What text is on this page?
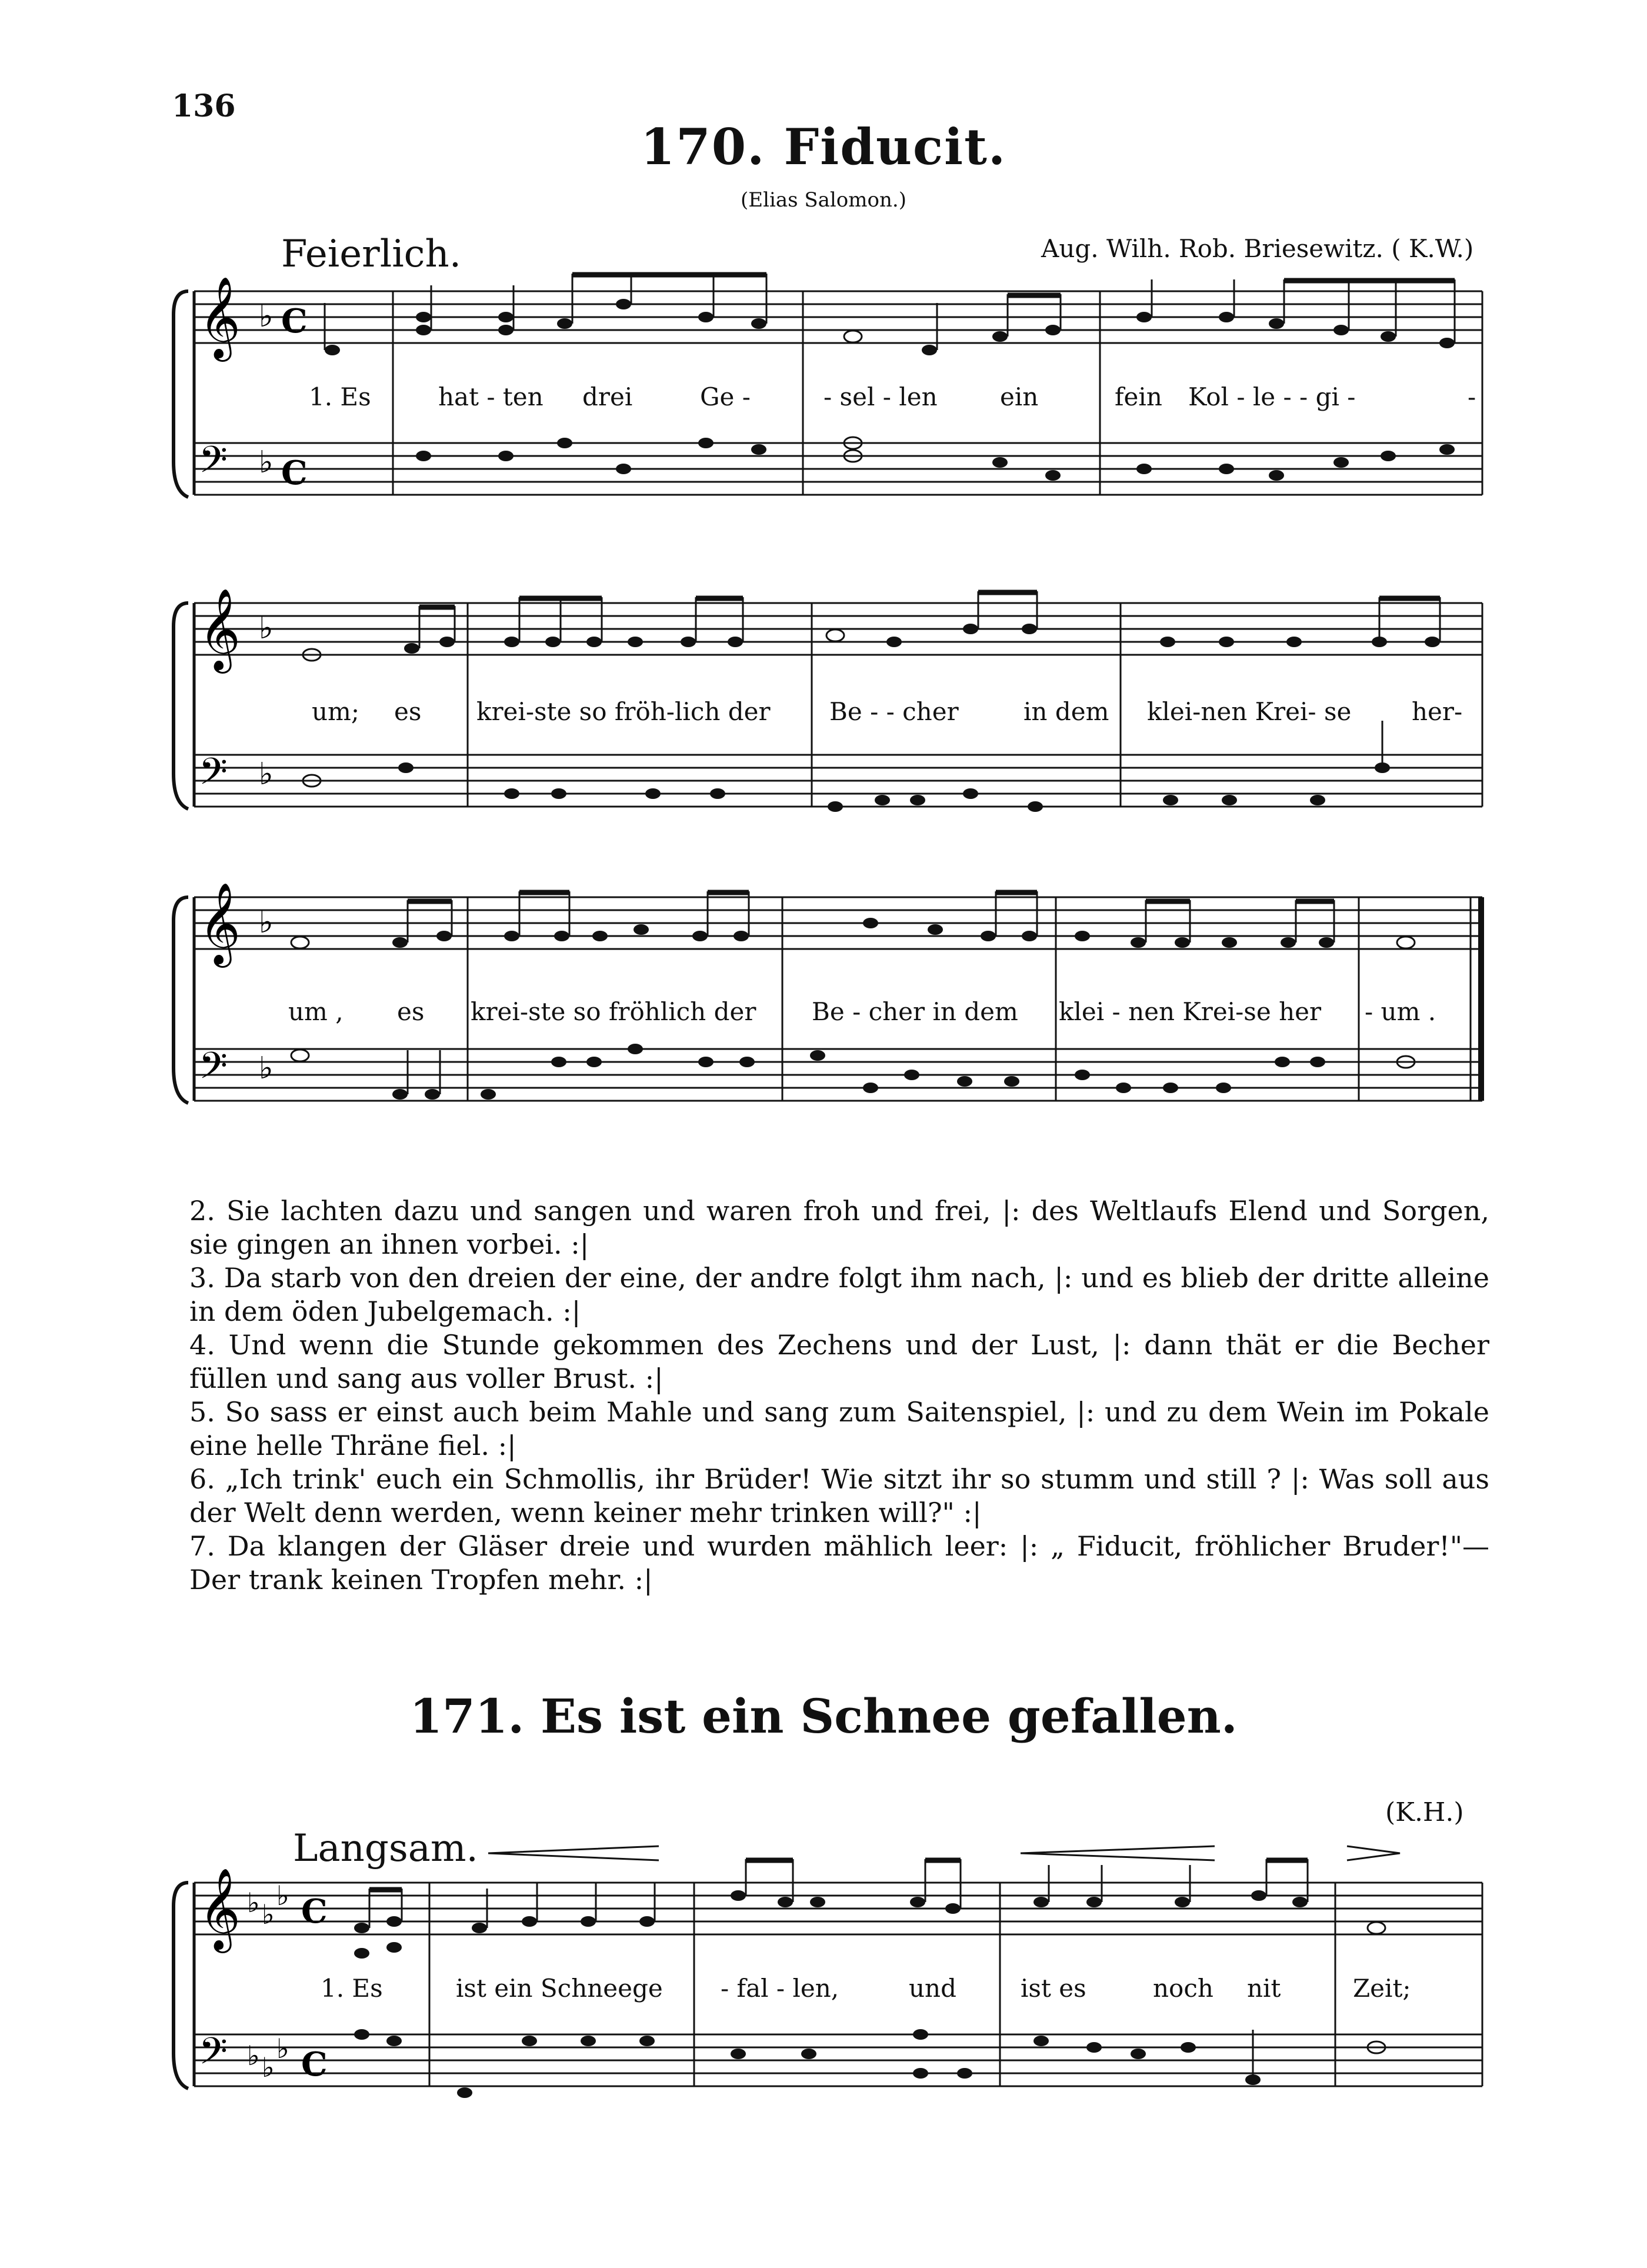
136
170. Fiducit.
(Elias Salomon.)
Feierlich.	Aug. Wilh. Rob. Briesewitz. ( K.W.)
𝄞
𝄢
♭
♭
C
C
1. Es	hat - ten drei	Ge -	- sel - len	ein	fein Kol - le - - gi -	-
𝄞
𝄢
♭
♭
um; es krei-ste so fröh-lich der Be - - cher	in dem klei-nen Krei- se her-
𝄞
𝄢
♭
♭
um , es krei-ste so fröhlich der Be - cher in dem klei - nen Krei-se her - um .

2. Sie lachten dazu und sangen und waren froh und frei, |: des Weltlaufs Elend und Sorgen, sie gingen an ihnen vorbei. :|

3. Da starb von den dreien der eine, der andre folgt ihm nach, |: und es blieb der dritte alleine in dem öden Jubelgemach. :|

4. Und wenn die Stunde gekommen des Zechens und der Lust, |: dann thät er die Becher füllen und sang aus voller Brust. :|

5. So sass er einst auch beim Mahle und sang zum Saitenspiel, |: und zu dem Wein im Pokale eine helle Thräne fiel. :|

6. „Ich trink' euch ein Schmollis, ihr Brüder! Wie sitzt ihr so stumm und still ? |: Was soll aus der Welt denn werden, wenn keiner mehr trinken will?" :|

7. Da klangen der Gläser dreie und wurden mählich leer: |: „ Fiducit, fröhlicher Bruder!"— Der trank keinen Tropfen mehr. :|

171. Es ist ein Schnee gefallen.
(K.H.)
Langsam.
𝄞
𝄢
♭ ♭
♭
♭ ♭
♭
C
C
1. Es	ist ein Schneege - fal - len,	und	ist es	noch nit	Zeit;
